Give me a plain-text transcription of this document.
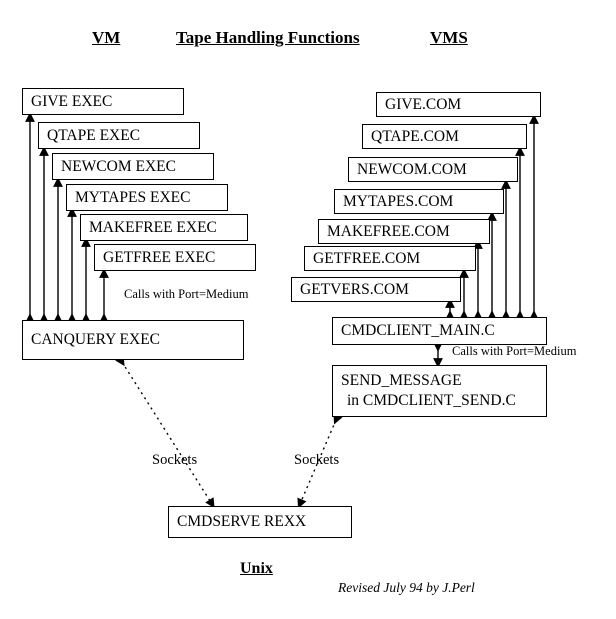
VM	Tape Handling Functions	VMS
GIVE EXEC
QTAPE EXEC
NEWCOM EXEC
MYTAPES EXEC
MAKEFREE EXEC
GETFREE EXEC
CANQUERY EXEC
GIVE.COM
QTAPE.COM
NEWCOM.COM
MYTAPES.COM
MAKEFREE.COM
GETFREE.COM
GETVERS.COM
CMDCLIENT_MAIN.C
SEND_MESSAGE
in CMDCLIENT_SEND.C
CMDSERVE REXX
Calls with Port=Medium
Calls with Port=Medium
Sockets	Sockets
Unix
Revised July 94 by J.Perl
